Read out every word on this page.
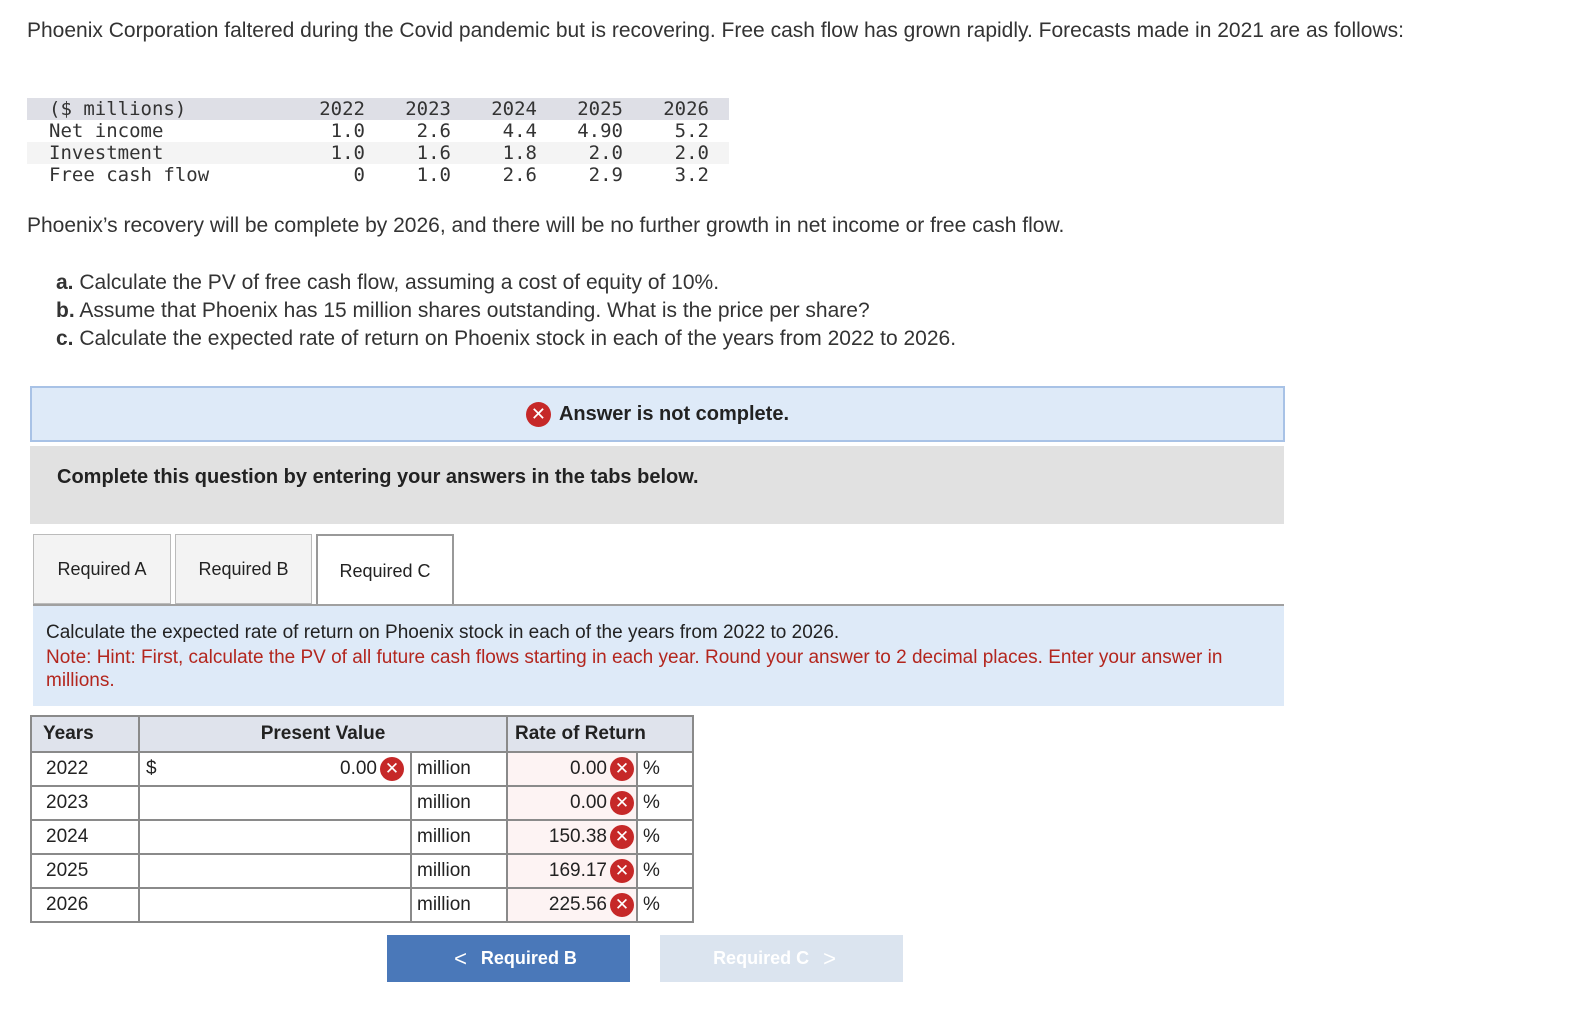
Phoenix Corporation faltered during the Covid pandemic but is recovering. Free cash flow has grown rapidly. Forecasts made in 2021 are as follows:
($ millions)	2022	2023	2024	2025	2026
Net income	1.0	2.6	4.4	4.90	5.2
Investment	1.0	1.6	1.8	2.0	2.0
Free cash flow	0	1.0	2.6	2.9	3.2
Phoenix’s recovery will be complete by 2026, and there will be no further growth in net income or free cash flow.
a. Calculate the PV of free cash flow, assuming a cost of equity of 10%.
b. Assume that Phoenix has 15 million shares outstanding. What is the price per share?
c. Calculate the expected rate of return on Phoenix stock in each of the years from 2022 to 2026.
✕ Answer is not complete.
Complete this question by entering your answers in the tabs below.
Required A	Required B	Required C
Calculate the expected rate of return on Phoenix stock in each of the years from 2022 to 2026.
Note: Hint: First, calculate the PV of all future cash flows starting in each year. Round your answer to 2 decimal places. Enter your answer in millions.
Years	Present Value		Rate of Return	
2022	$ 0.00 ✕	million	0.00 ✕	%
2023		million	0.00 ✕	%
2024		million	150.38 ✕	%
2025		million	169.17 ✕	%
2026		million	225.56 ✕	%
< Required B	Required C >
